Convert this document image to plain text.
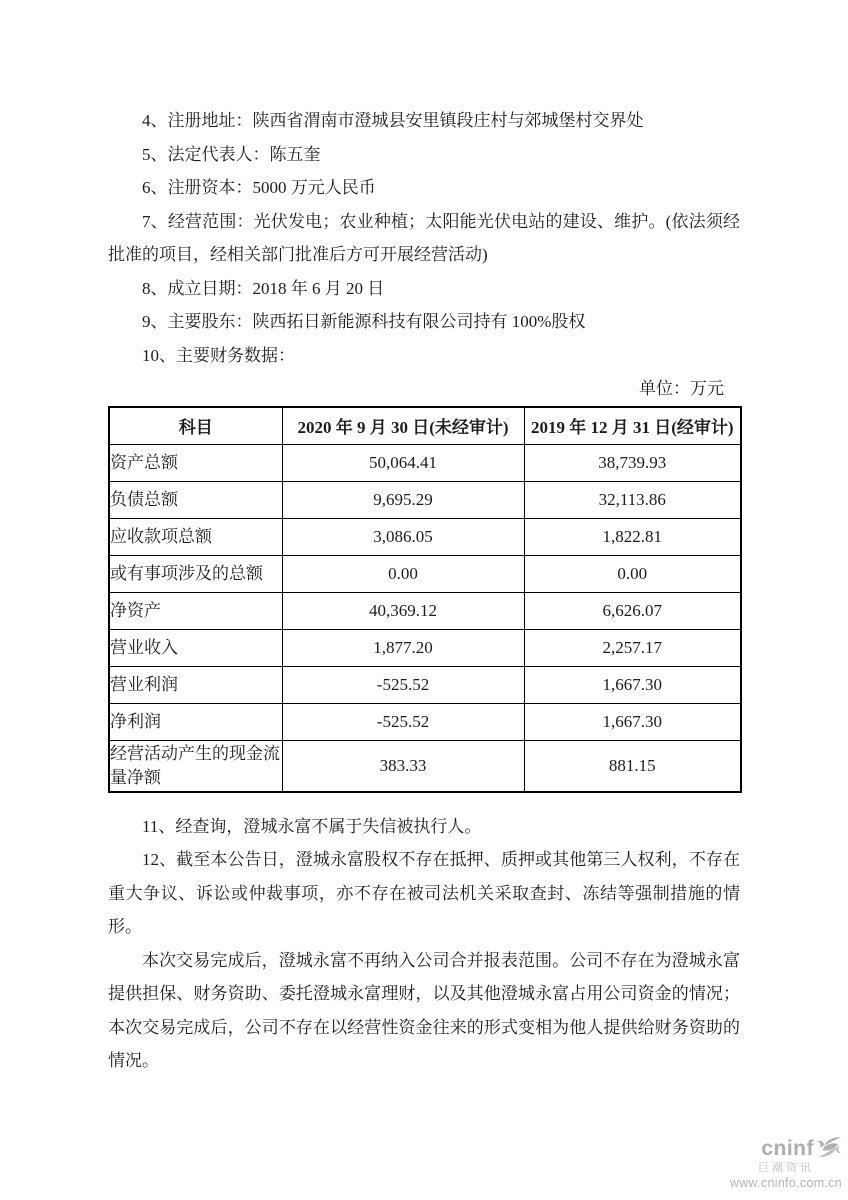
4、注册地址：陕西省渭南市澄城县安里镇段庄村与郊城堡村交界处

5、法定代表人：陈五奎

6、注册资本：5000 万元人民币

7、经营范围：光伏发电；农业种植；太阳能光伏电站的建设、维护。(依法须经批准的项目，经相关部门批准后方可开展经营活动)

8、成立日期：2018 年 6 月 20 日

9、主要股东：陕西拓日新能源科技有限公司持有 100%股权

10、主要财务数据：

单位：万元
科目	2020 年 9 月 30 日(未经审计)	2019 年 12 月 31 日(经审计)
资产总额	50,064.41	38,739.93
负债总额	9,695.29	32,113.86
应收款项总额	3,086.05	1,822.81
或有事项涉及的总额	0.00	0.00
净资产	40,369.12	6,626.07
营业收入	1,877.20	2,257.17
营业利润	-525.52	1,667.30
净利润	-525.52	1,667.30
经营活动产生的现金流量净额	383.33	881.15

11、经查询，澄城永富不属于失信被执行人。

12、截至本公告日，澄城永富股权不存在抵押、质押或其他第三人权利，不存在重大争议、诉讼或仲裁事项，亦不存在被司法机关采取查封、冻结等强制措施的情形。

本次交易完成后，澄城永富不再纳入公司合并报表范围。公司不存在为澄城永富提供担保、财务资助、委托澄城永富理财，以及其他澄城永富占用公司资金的情况；本次交易完成后，公司不存在以经营性资金往来的形式变相为他人提供给财务资助的情况。

cninf
巨潮资讯
www.cninfo.com.cn
